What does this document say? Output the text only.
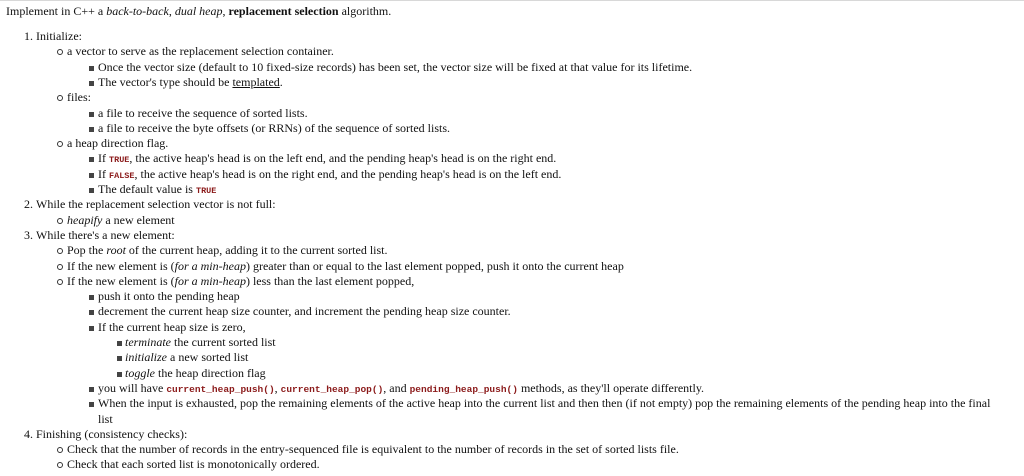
Implement in C++ a back-to-back, dual heap, replacement selection algorithm.
1. Initialize:
a vector to serve as the replacement selection container.
Once the vector size (default to 10 fixed-size records) has been set, the vector size will be fixed at that value for its lifetime.
The vector's type should be templated.
files:
a file to receive the sequence of sorted lists.
a file to receive the byte offsets (or RRNs) of the sequence of sorted lists.
a heap direction flag.
If TRUE, the active heap's head is on the left end, and the pending heap's head is on the right end.
If FALSE, the active heap's head is on the right end, and the pending heap's head is on the left end.
The default value is TRUE
2. While the replacement selection vector is not full:
heapify a new element
3. While there's a new element:
Pop the root of the current heap, adding it to the current sorted list.
If the new element is (for a min-heap) greater than or equal to the last element popped, push it onto the current heap
If the new element is (for a min-heap) less than the last element popped,
push it onto the pending heap
decrement the current heap size counter, and increment the pending heap size counter.
If the current heap size is zero,
terminate the current sorted list
initialize a new sorted list
toggle the heap direction flag
you will have current_heap_push(), current_heap_pop(), and pending_heap_push() methods, as they'll operate differently.
When the input is exhausted, pop the remaining elements of the active heap into the current list and then then (if not empty) pop the remaining elements of the pending heap into the final
list
4. Finishing (consistency checks):
Check that the number of records in the entry-sequenced file is equivalent to the number of records in the set of sorted lists file.
Check that each sorted list is monotonically ordered.
